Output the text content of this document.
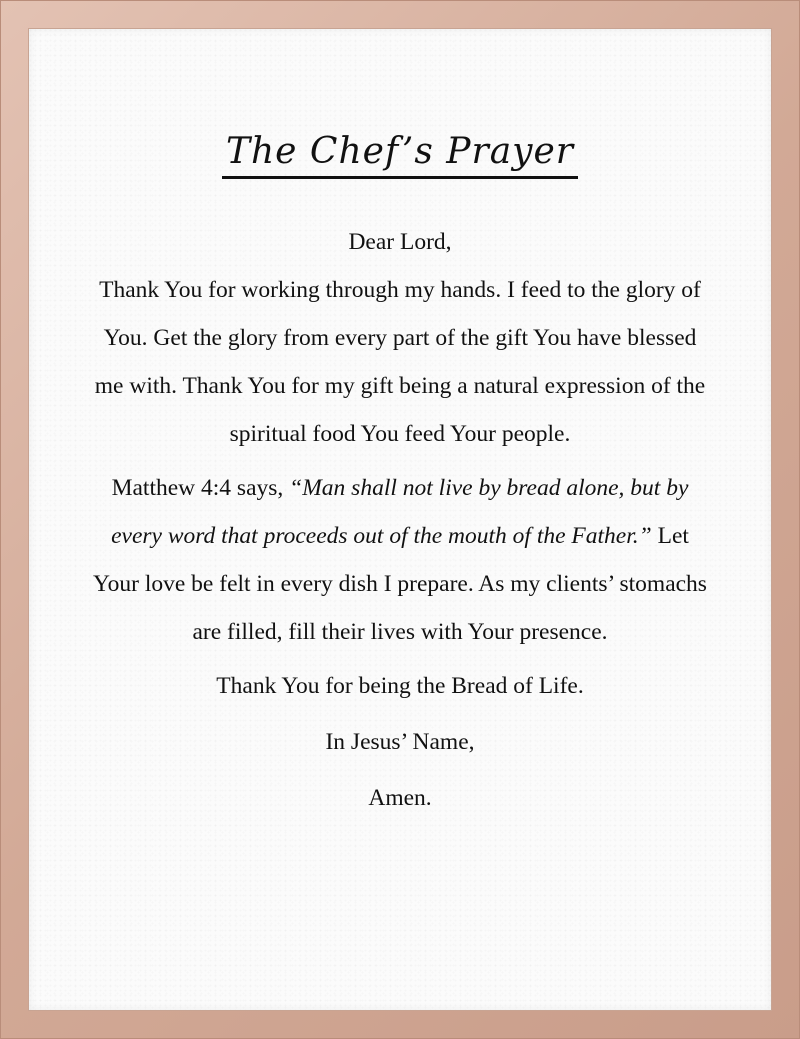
The Chef’s Prayer

Dear Lord,

Thank You for working through my hands. I feed to the glory of You. Get the glory from every part of the gift You have blessed me with. Thank You for my gift being a natural expression of the spiritual food You feed Your people.

Matthew 4:4 says, “Man shall not live by bread alone, but by every word that proceeds out of the mouth of the Father.” Let Your love be felt in every dish I prepare. As my clients’ stomachs are filled, fill their lives with Your presence.

Thank You for being the Bread of Life.

In Jesus’ Name,

Amen.
